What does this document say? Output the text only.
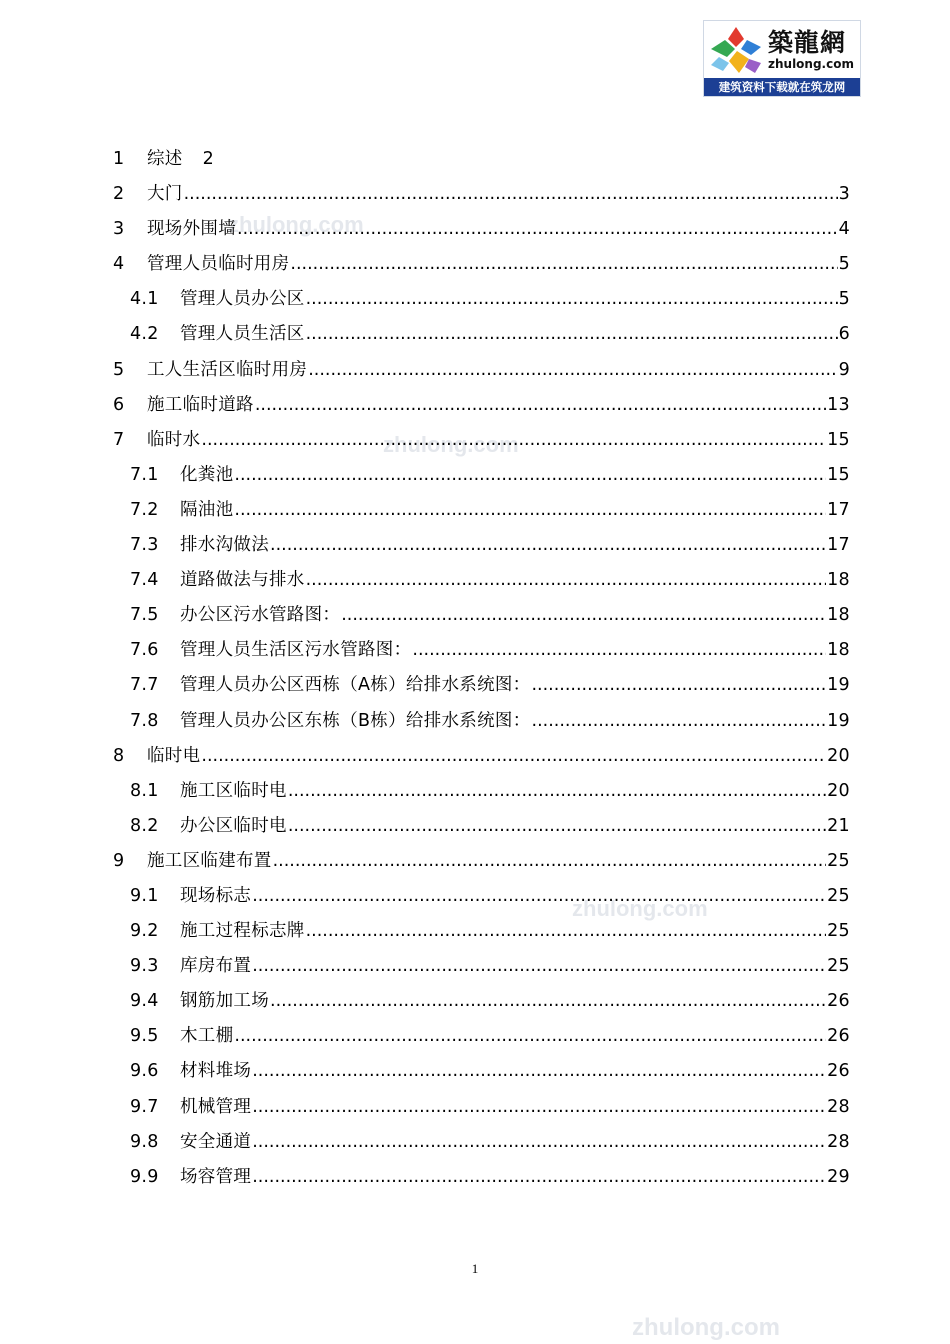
築龍網
zhulong.com
建筑资料下载就在筑龙网
zhulong.com
zhulong.com
zhulong.com
zhulong.com
1	综述 2
2	大门 .....	3
3	现场外围墙 .....	4
4	管理人员临时用房 .....	5
4.1	管理人员办公区 .....	5
4.2	管理人员生活区 .....	6
5	工人生活区临时用房 .....	9
6	施工临时道路 .....	13
7	临时水 .....	15
7.1	化粪池 .....	15
7.2	隔油池 .....	17
7.3	排水沟做法 .....	17
7.4	道路做法与排水 .....	18
7.5	办公区污水管路图： .....	18
7.6	管理人员生活区污水管路图： .....	18
7.7	管理人员办公区西栋（A栋）给排水系统图： .....	19
7.8	管理人员办公区东栋（B栋）给排水系统图： .....	19
8	临时电 .....	20
8.1	施工区临时电 .....	20
8.2	办公区临时电 .....	21
9	施工区临建布置 .....	25
9.1	现场标志 .....	25
9.2	施工过程标志牌 .....	25
9.3	库房布置 .....	25
9.4	钢筋加工场 .....	26
9.5	木工棚 .....	26
9.6	材料堆场 .....	26
9.7	机械管理 .....	28
9.8	安全通道 .....	28
9.9	场容管理 .....	29
1
